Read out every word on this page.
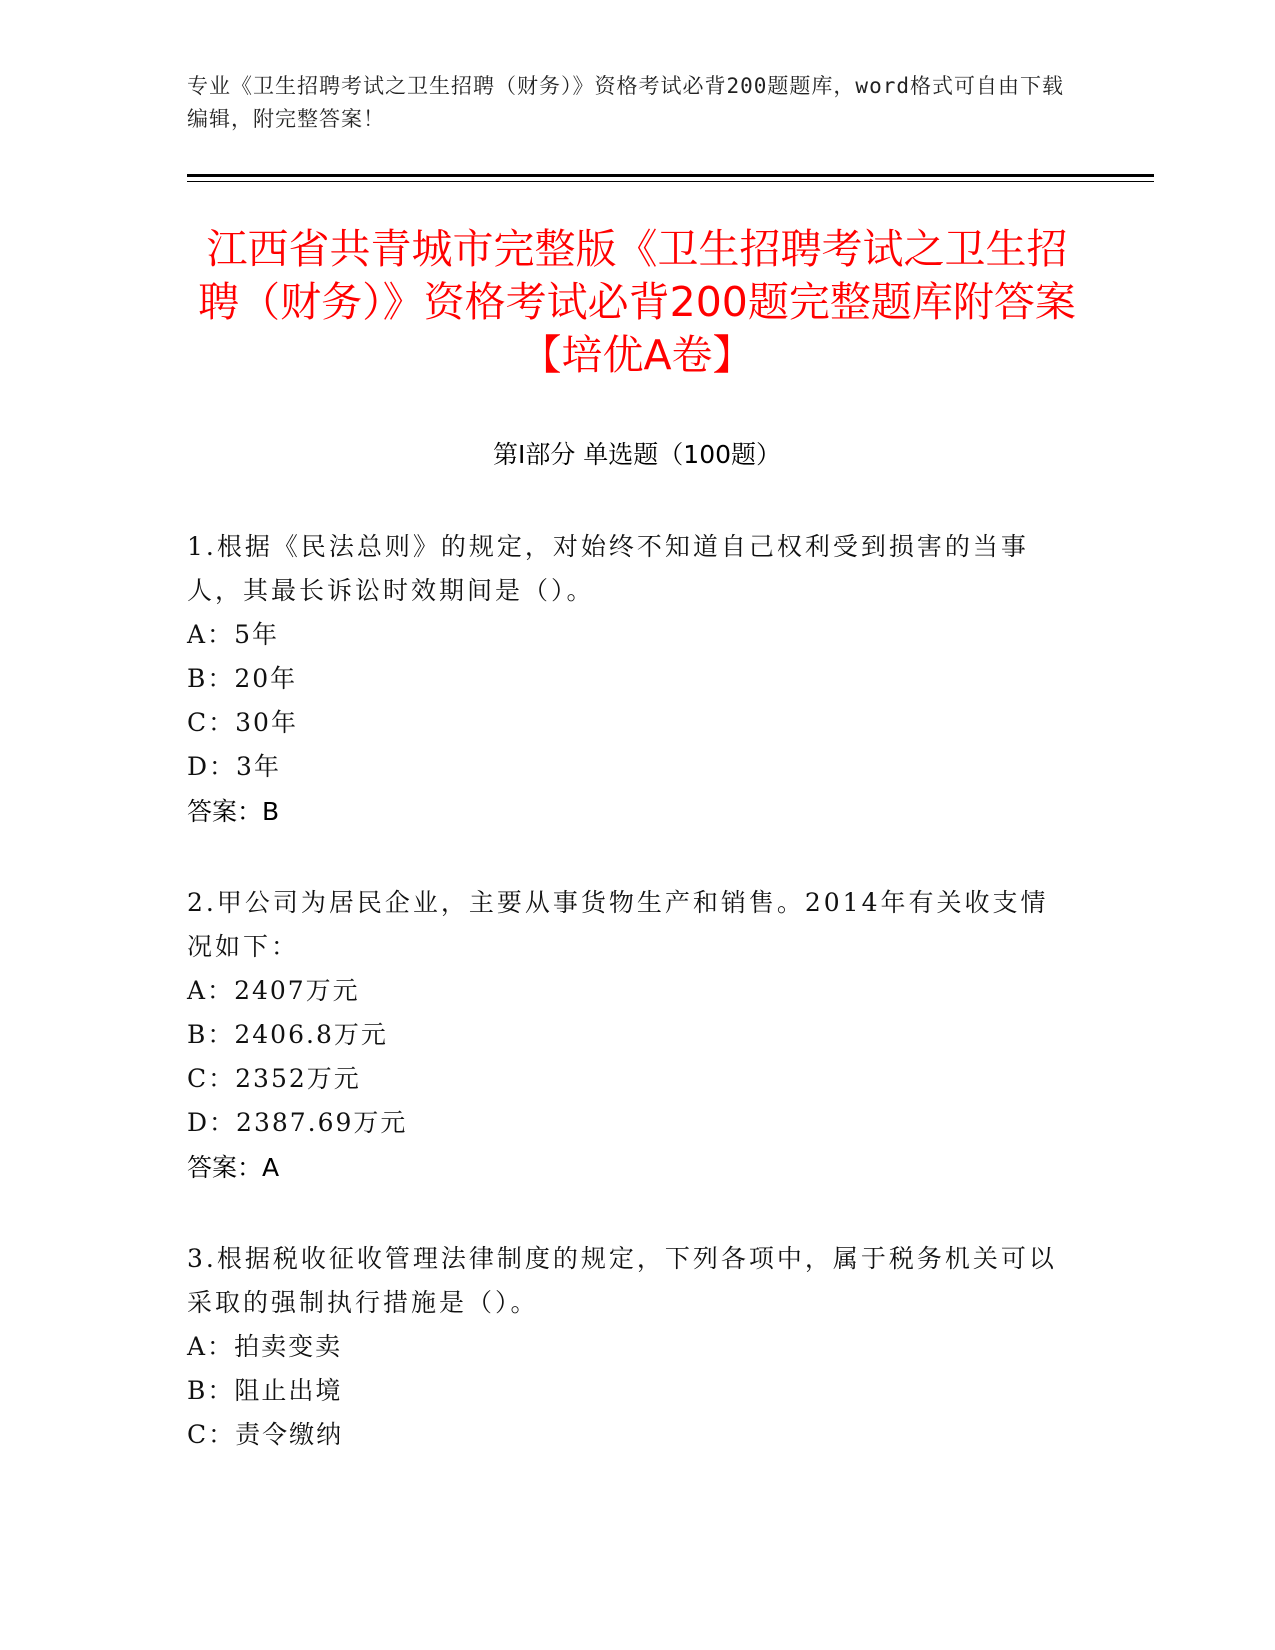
专业《卫生招聘考试之卫生招聘（财务）》资格考试必背200题题库，word格式可自由下载编辑，附完整答案！
江西省共青城市完整版《卫生招聘考试之卫生招聘（财务）》资格考试必背200题完整题库附答案【培优A卷】
第Ⅰ部分 单选题（100题）
1.根据《民法总则》的规定，对始终不知道自己权利受到损害的当事人，其最长诉讼时效期间是（）。
A：5年
B：20年
C：30年
D：3年
答案：B
2.甲公司为居民企业，主要从事货物生产和销售。2014年有关收支情况如下：
A：2407万元
B：2406.8万元
C：2352万元
D：2387.69万元
答案：A
3.根据税收征收管理法律制度的规定，下列各项中，属于税务机关可以采取的强制执行措施是（）。
A：拍卖变卖
B：阻止出境
C：责令缴纳
